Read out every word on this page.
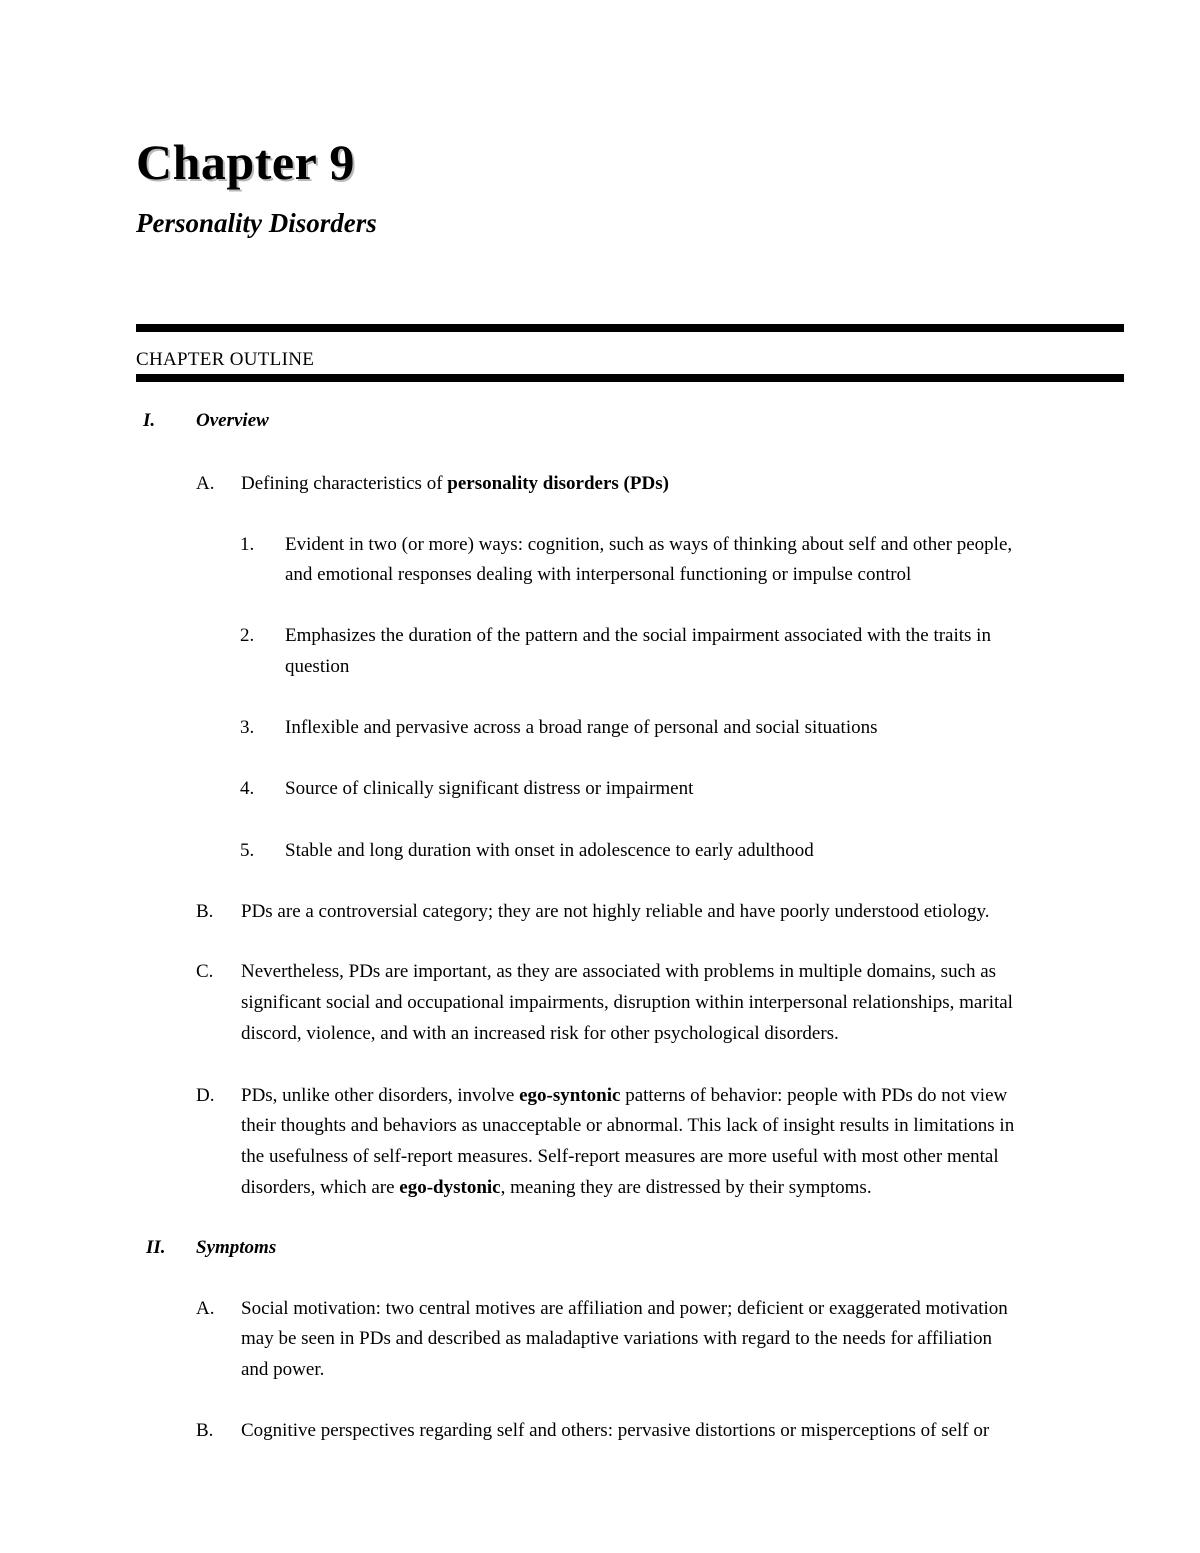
Chapter 9
Personality Disorders
CHAPTER OUTLINE
I. Overview
A. Defining characteristics of personality disorders (PDs)
1. Evident in two (or more) ways: cognition, such as ways of thinking about self and other people,
and emotional responses dealing with interpersonal functioning or impulse control
2. Emphasizes the duration of the pattern and the social impairment associated with the traits in
question
3. Inflexible and pervasive across a broad range of personal and social situations
4. Source of clinically significant distress or impairment
5. Stable and long duration with onset in adolescence to early adulthood
B. PDs are a controversial category; they are not highly reliable and have poorly understood etiology.
C. Nevertheless, PDs are important, as they are associated with problems in multiple domains, such as
significant social and occupational impairments, disruption within interpersonal relationships, marital
discord, violence, and with an increased risk for other psychological disorders.
D. PDs, unlike other disorders, involve ego-syntonic patterns of behavior: people with PDs do not view
their thoughts and behaviors as unacceptable or abnormal. This lack of insight results in limitations in
the usefulness of self-report measures. Self-report measures are more useful with most other mental
disorders, which are ego-dystonic, meaning they are distressed by their symptoms.
II. Symptoms
A. Social motivation: two central motives are affiliation and power; deficient or exaggerated motivation
may be seen in PDs and described as maladaptive variations with regard to the needs for affiliation
and power.
B. Cognitive perspectives regarding self and others: pervasive distortions or misperceptions of self or
